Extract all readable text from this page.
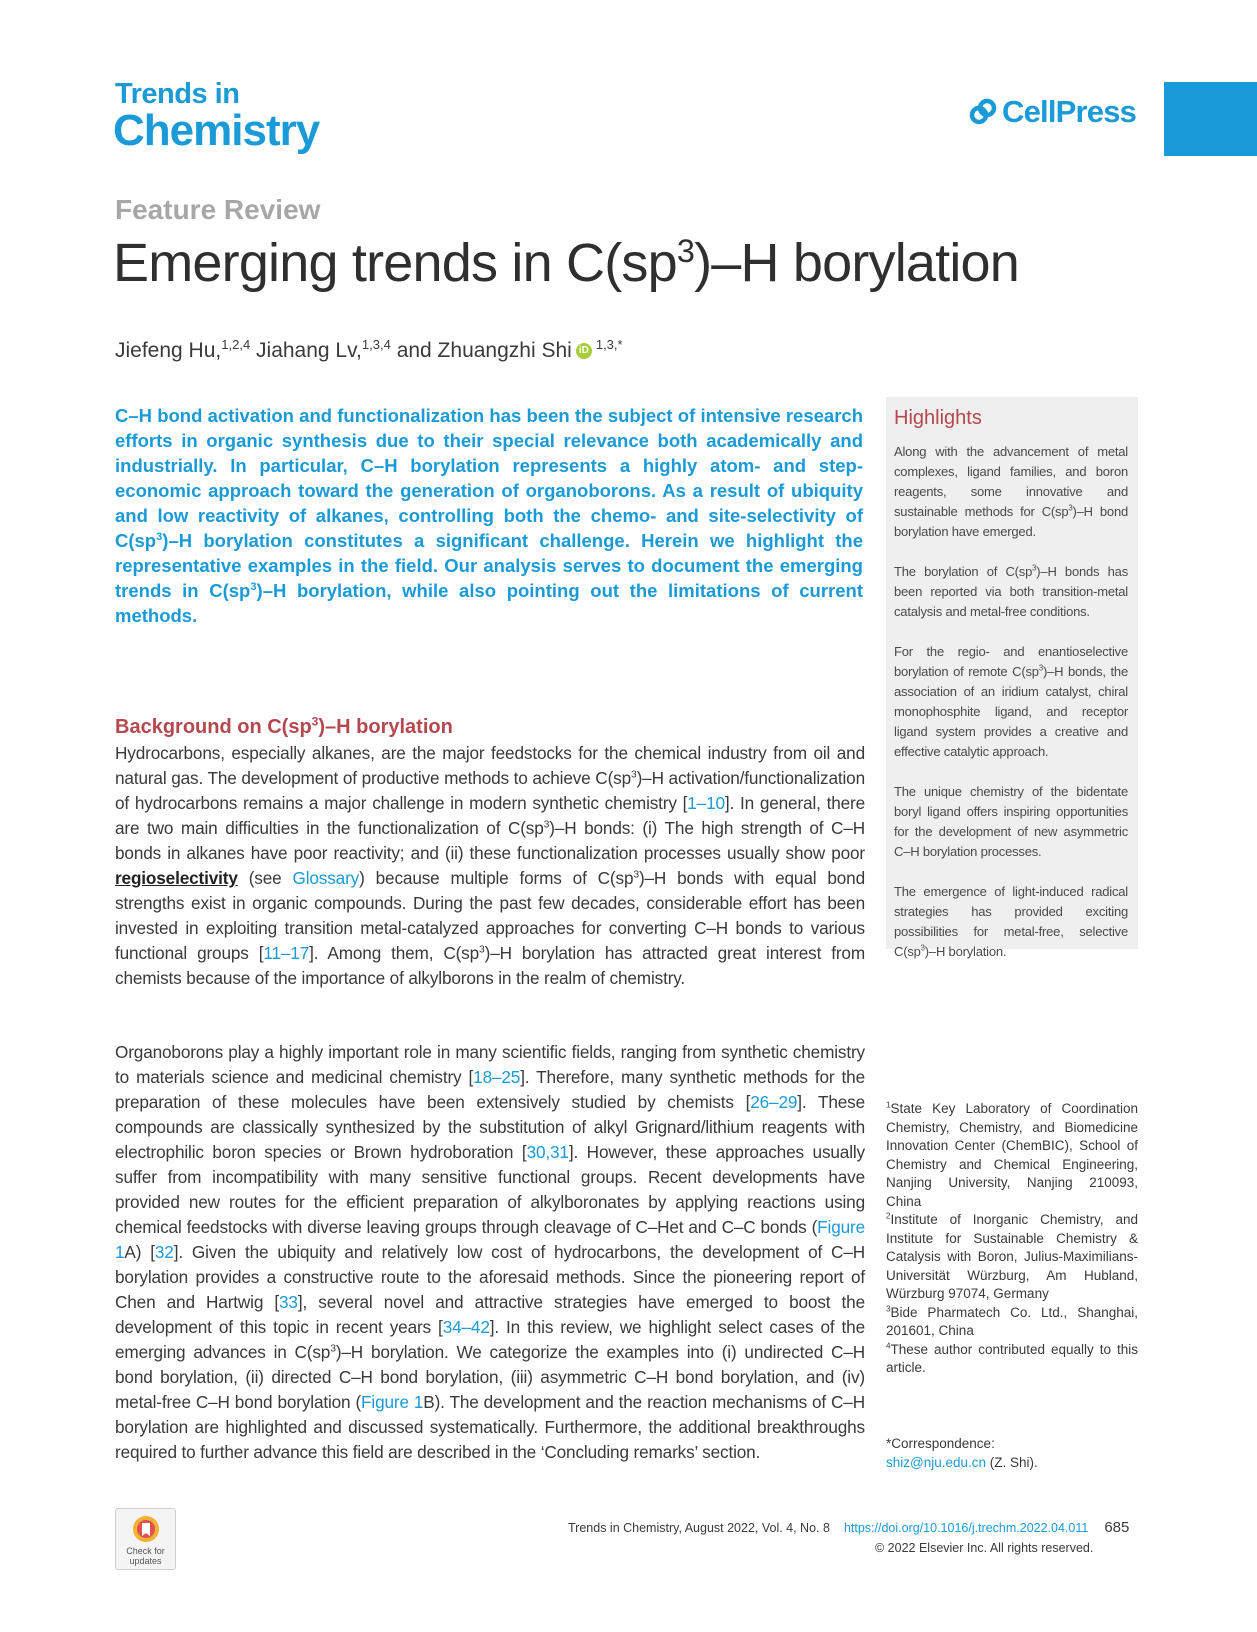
Trends in
Chemistry	CellPress
Feature Review
Emerging trends in $C(sp^3)-H$ borylation
Jiefeng Hu,$^{1,2,4}$ Jiahang Lv,$^{1,3,4}$ and Zhuangzhi Shi iD $^{1,3,*}$
C–H bond activation and functionalization has been the subject of intensive research efforts in organic synthesis due to their special relevance both academically and industrially. In particular, C–H borylation represents a highly atom- and step-economic approach toward the generation of organoborons. As a result of ubiquity and low reactivity of alkanes, controlling both the chemo- and site-selectivity of $C(sp^3)-H$ borylation constitutes a significant challenge. Herein we highlight the representative examples in the field. Our analysis serves to document the emerging trends in $C(sp^3)-H$ borylation, while also pointing out the limitations of current methods.
Highlights
Along with the advancement of metal complexes, ligand families, and boron reagents, some innovative and sustainable methods for $C(sp^3)-H$ bond borylation have emerged.
The borylation of $C(sp^3)-H$ bonds has been reported via both transition-metal catalysis and metal-free conditions.
For the regio- and enantioselective borylation of remote $C(sp^3)-H$ bonds, the association of an iridium catalyst, chiral monophosphite ligand, and receptor ligand system provides a creative and effective catalytic approach.
The unique chemistry of the bidentate boryl ligand offers inspiring opportunities for the development of new asymmetric C–H borylation processes.
The emergence of light-induced radical strategies has provided exciting possibilities for metal-free, selective $C(sp^3)-H$ borylation.
Background on $C(sp^3)-H$ borylation
Hydrocarbons, especially alkanes, are the major feedstocks for the chemical industry from oil and natural gas. The development of productive methods to achieve $C(sp^3)-H$ activation/functionalization of hydrocarbons remains a major challenge in modern synthetic chemistry [1–10]. In general, there are two main difficulties in the functionalization of $C(sp^3)-H$ bonds: (i) The high strength of C–H bonds in alkanes have poor reactivity; and (ii) these functionalization processes usually show poor regioselectivity (see Glossary) because multiple forms of $C(sp^3)-H$ bonds with equal bond strengths exist in organic compounds. During the past few decades, considerable effort has been invested in exploiting transition metal-catalyzed approaches for converting C–H bonds to various functional groups [11–17]. Among them, $C(sp^3)-H$ borylation has attracted great interest from chemists because of the importance of alkylborons in the realm of chemistry.
Organoborons play a highly important role in many scientific fields, ranging from synthetic chemistry to materials science and medicinal chemistry [18–25]. Therefore, many synthetic methods for the preparation of these molecules have been extensively studied by chemists [26–29]. These compounds are classically synthesized by the substitution of alkyl Grignard/lithium reagents with electrophilic boron species or Brown hydroboration [30,31]. However, these approaches usually suffer from incompatibility with many sensitive functional groups. Recent developments have provided new routes for the efficient preparation of alkylboronates by applying reactions using chemical feedstocks with diverse leaving groups through cleavage of C–Het and C–C bonds (Figure 1A) [32]. Given the ubiquity and relatively low cost of hydrocarbons, the development of C–H borylation provides a constructive route to the aforesaid methods. Since the pioneering report of Chen and Hartwig [33], several novel and attractive strategies have emerged to boost the development of this topic in recent years [34–42]. In this review, we highlight select cases of the emerging advances in $C(sp^3)-H$ borylation. We categorize the examples into (i) undirected C–H bond borylation, (ii) directed C–H bond borylation, (iii) asymmetric C–H bond borylation, and (iv) metal-free C–H bond borylation (Figure 1B). The development and the reaction mechanisms of C–H borylation are highlighted and discussed systematically. Furthermore, the additional breakthroughs required to further advance this field are described in the ‘Concluding remarks’ section.
$^1$State Key Laboratory of Coordination Chemistry, Chemistry, and Biomedicine Innovation Center (ChemBIC), School of Chemistry and Chemical Engineering, Nanjing University, Nanjing 210093, China
$^2$Institute of Inorganic Chemistry, and Institute for Sustainable Chemistry & Catalysis with Boron, Julius-Maximilians-Universität Würzburg, Am Hubland, Würzburg 97074, Germany
$^3$Bide Pharmatech Co. Ltd., Shanghai, 201601, China
$^4$These author contributed equally to this article.
*Correspondence:
shiz@nju.edu.cn (Z. Shi).
Check for updates
Trends in Chemistry, August 2022, Vol. 4, No. 8 https://doi.org/10.1016/j.trechm.2022.04.011 685
© 2022 Elsevier Inc. All rights reserved.
